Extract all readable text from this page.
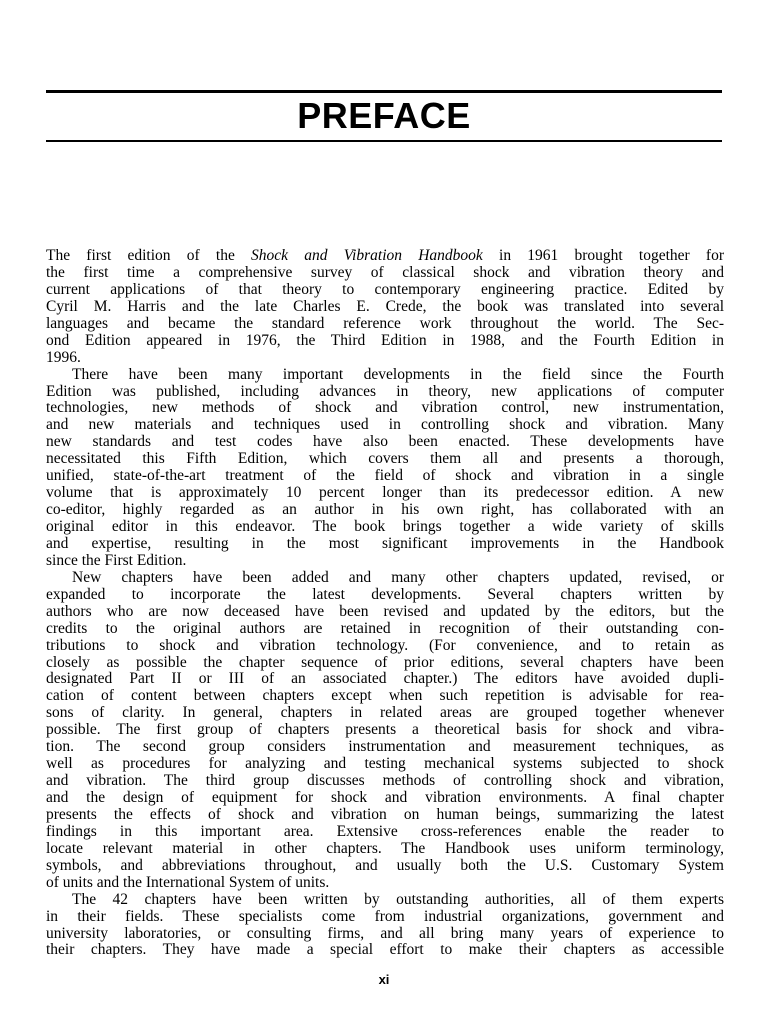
PREFACE
The first edition of the Shock and Vibration Handbook in 1961 brought together for
the first time a comprehensive survey of classical shock and vibration theory and
current applications of that theory to contemporary engineering practice. Edited by
Cyril M. Harris and the late Charles E. Crede, the book was translated into several
languages and became the standard reference work throughout the world. The Sec-
ond Edition appeared in 1976, the Third Edition in 1988, and the Fourth Edition in
1996.
There have been many important developments in the field since the Fourth
Edition was published, including advances in theory, new applications of computer
technologies, new methods of shock and vibration control, new instrumentation,
and new materials and techniques used in controlling shock and vibration. Many
new standards and test codes have also been enacted. These developments have
necessitated this Fifth Edition, which covers them all and presents a thorough,
unified, state-of-the-art treatment of the field of shock and vibration in a single
volume that is approximately 10 percent longer than its predecessor edition. A new
co-editor, highly regarded as an author in his own right, has collaborated with an
original editor in this endeavor. The book brings together a wide variety of skills
and expertise, resulting in the most significant improvements in the Handbook
since the First Edition.
New chapters have been added and many other chapters updated, revised, or
expanded to incorporate the latest developments. Several chapters written by
authors who are now deceased have been revised and updated by the editors, but the
credits to the original authors are retained in recognition of their outstanding con-
tributions to shock and vibration technology. (For convenience, and to retain as
closely as possible the chapter sequence of prior editions, several chapters have been
designated Part II or III of an associated chapter.) The editors have avoided dupli-
cation of content between chapters except when such repetition is advisable for rea-
sons of clarity. In general, chapters in related areas are grouped together whenever
possible. The first group of chapters presents a theoretical basis for shock and vibra-
tion. The second group considers instrumentation and measurement techniques, as
well as procedures for analyzing and testing mechanical systems subjected to shock
and vibration. The third group discusses methods of controlling shock and vibration,
and the design of equipment for shock and vibration environments. A final chapter
presents the effects of shock and vibration on human beings, summarizing the latest
findings in this important area. Extensive cross-references enable the reader to
locate relevant material in other chapters. The Handbook uses uniform terminology,
symbols, and abbreviations throughout, and usually both the U.S. Customary System
of units and the International System of units.
The 42 chapters have been written by outstanding authorities, all of them experts
in their fields. These specialists come from industrial organizations, government and
university laboratories, or consulting firms, and all bring many years of experience to
their chapters. They have made a special effort to make their chapters as accessible
xi
